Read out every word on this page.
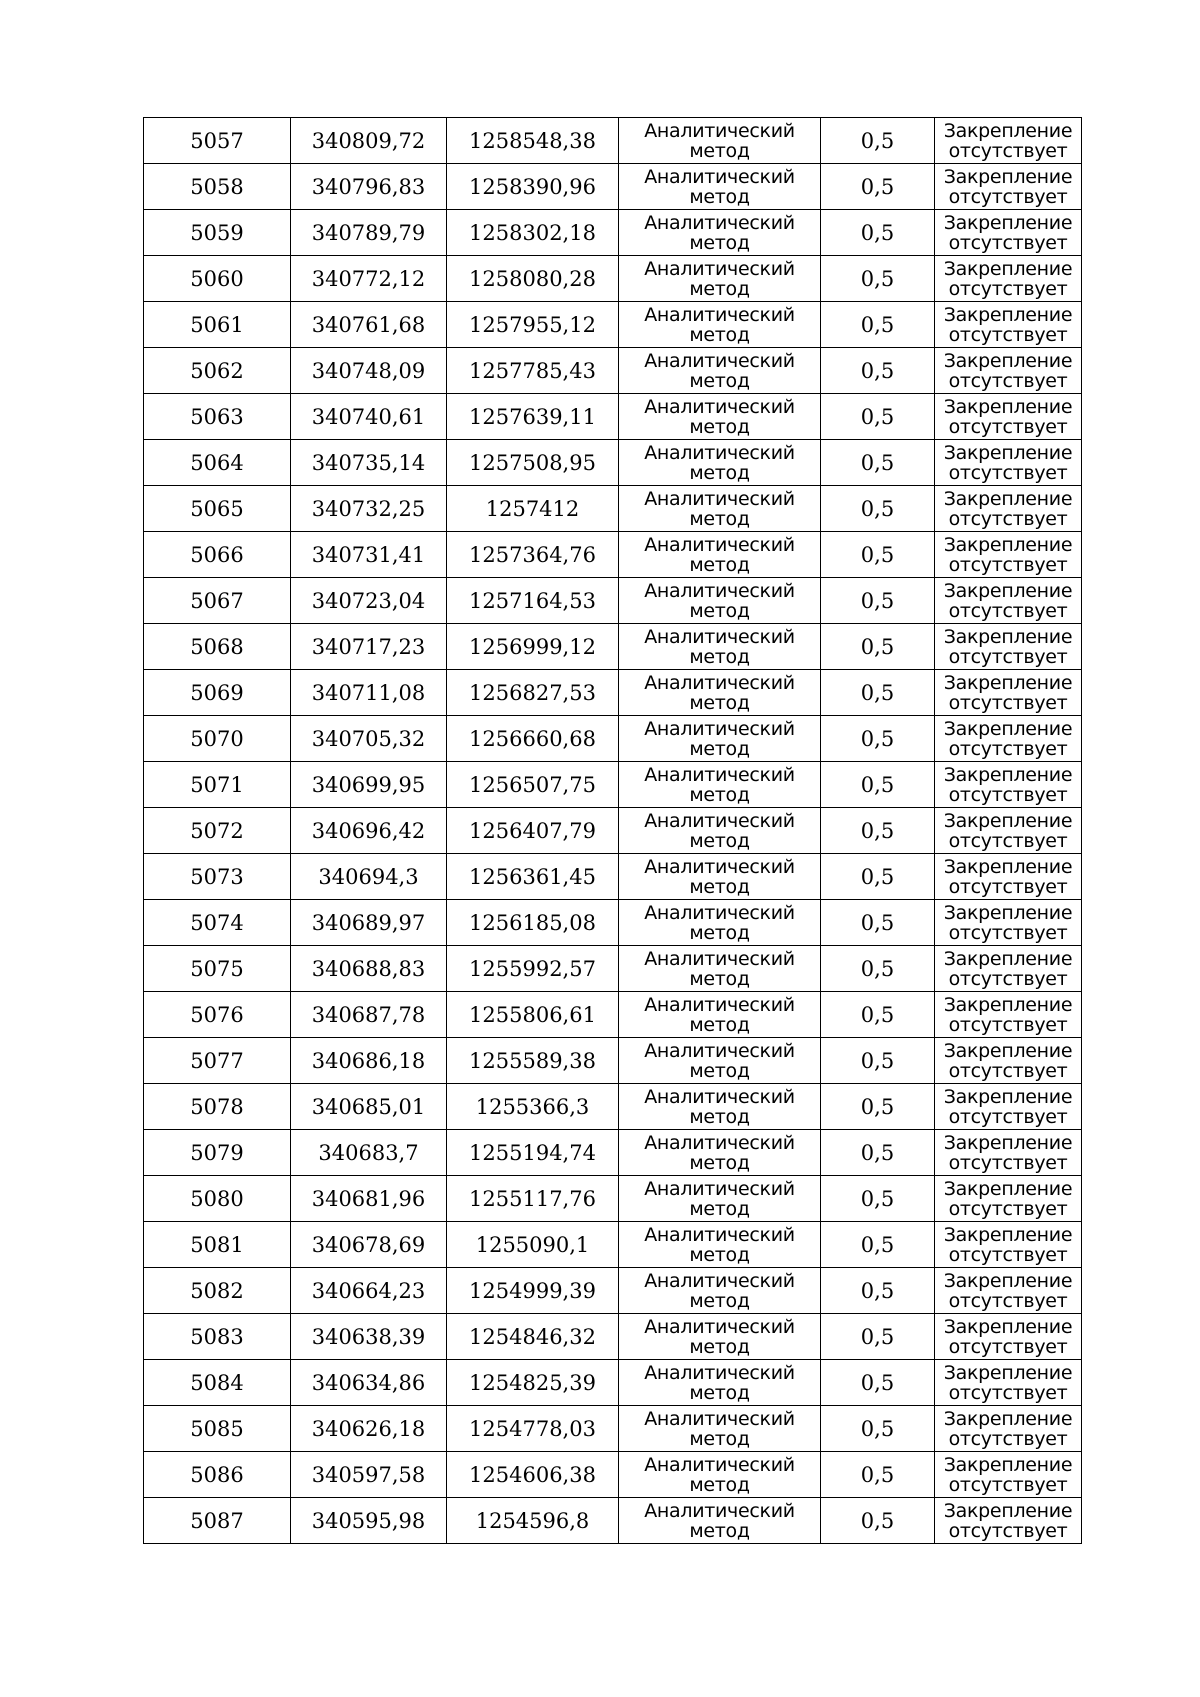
5057	340809,72	1258548,38	Аналитический метод	0,5	Закрепление отсутствует

5058	340796,83	1258390,96	Аналитический метод	0,5	Закрепление отсутствует

5059	340789,79	1258302,18	Аналитический метод	0,5	Закрепление отсутствует

5060	340772,12	1258080,28	Аналитический метод	0,5	Закрепление отсутствует

5061	340761,68	1257955,12	Аналитический метод	0,5	Закрепление отсутствует

5062	340748,09	1257785,43	Аналитический метод	0,5	Закрепление отсутствует

5063	340740,61	1257639,11	Аналитический метод	0,5	Закрепление отсутствует

5064	340735,14	1257508,95	Аналитический метод	0,5	Закрепление отсутствует

5065	340732,25	1257412	Аналитический метод	0,5	Закрепление отсутствует

5066	340731,41	1257364,76	Аналитический метод	0,5	Закрепление отсутствует

5067	340723,04	1257164,53	Аналитический метод	0,5	Закрепление отсутствует

5068	340717,23	1256999,12	Аналитический метод	0,5	Закрепление отсутствует

5069	340711,08	1256827,53	Аналитический метод	0,5	Закрепление отсутствует

5070	340705,32	1256660,68	Аналитический метод	0,5	Закрепление отсутствует

5071	340699,95	1256507,75	Аналитический метод	0,5	Закрепление отсутствует

5072	340696,42	1256407,79	Аналитический метод	0,5	Закрепление отсутствует

5073	340694,3	1256361,45	Аналитический метод	0,5	Закрепление отсутствует

5074	340689,97	1256185,08	Аналитический метод	0,5	Закрепление отсутствует

5075	340688,83	1255992,57	Аналитический метод	0,5	Закрепление отсутствует

5076	340687,78	1255806,61	Аналитический метод	0,5	Закрепление отсутствует

5077	340686,18	1255589,38	Аналитический метод	0,5	Закрепление отсутствует

5078	340685,01	1255366,3	Аналитический метод	0,5	Закрепление отсутствует

5079	340683,7	1255194,74	Аналитический метод	0,5	Закрепление отсутствует

5080	340681,96	1255117,76	Аналитический метод	0,5	Закрепление отсутствует

5081	340678,69	1255090,1	Аналитический метод	0,5	Закрепление отсутствует

5082	340664,23	1254999,39	Аналитический метод	0,5	Закрепление отсутствует

5083	340638,39	1254846,32	Аналитический метод	0,5	Закрепление отсутствует

5084	340634,86	1254825,39	Аналитический метод	0,5	Закрепление отсутствует

5085	340626,18	1254778,03	Аналитический метод	0,5	Закрепление отсутствует

5086	340597,58	1254606,38	Аналитический метод	0,5	Закрепление отсутствует

5087	340595,98	1254596,8	Аналитический метод	0,5	Закрепление отсутствует
